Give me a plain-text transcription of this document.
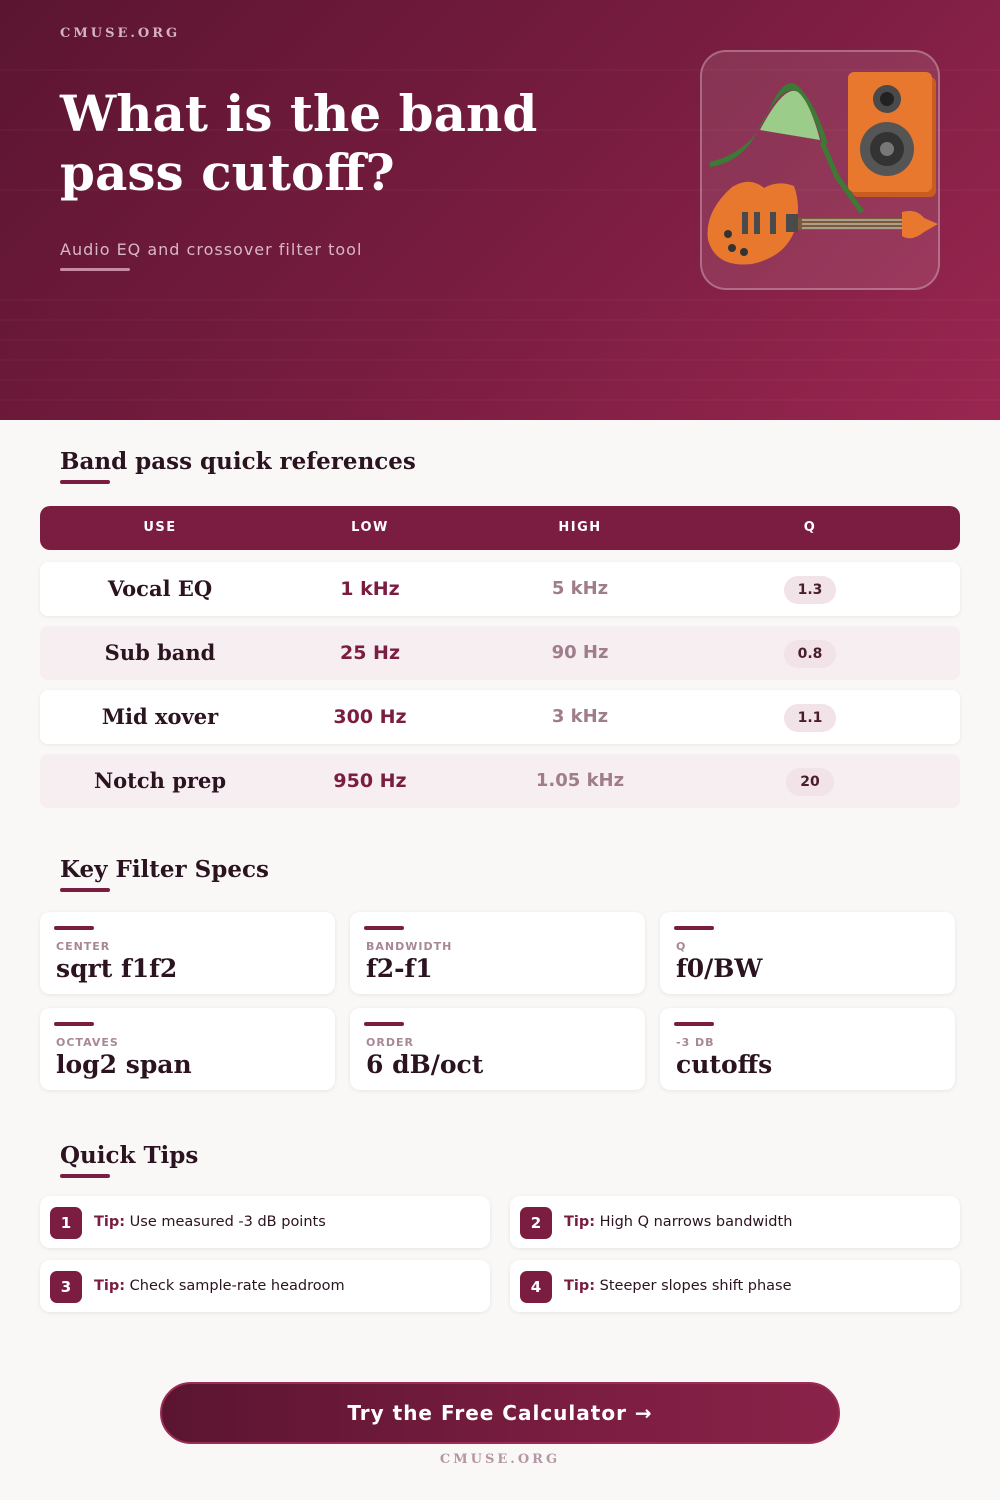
CMUSE.ORG
What is the band pass cutoff?
Audio EQ and crossover filter tool
Band pass quick references
USE	LOW	HIGH	Q
Vocal EQ	1 kHz	5 kHz	1.3
Sub band	25 Hz	90 Hz	0.8
Mid xover	300 Hz	3 kHz	1.1
Notch prep	950 Hz	1.05 kHz	20
Key Filter Specs
CENTER
sqrt f1f2
BANDWIDTH
f2-f1
Q
f0/BW
OCTAVES
log2 span
ORDER
6 dB/oct
-3 DB
cutoffs
Quick Tips
1	Tip: Use measured -3 dB points	2	Tip: High Q narrows bandwidth
3	Tip: Check sample-rate headroom	4	Tip: Steeper slopes shift phase
Try the Free Calculator →
CMUSE.ORG
